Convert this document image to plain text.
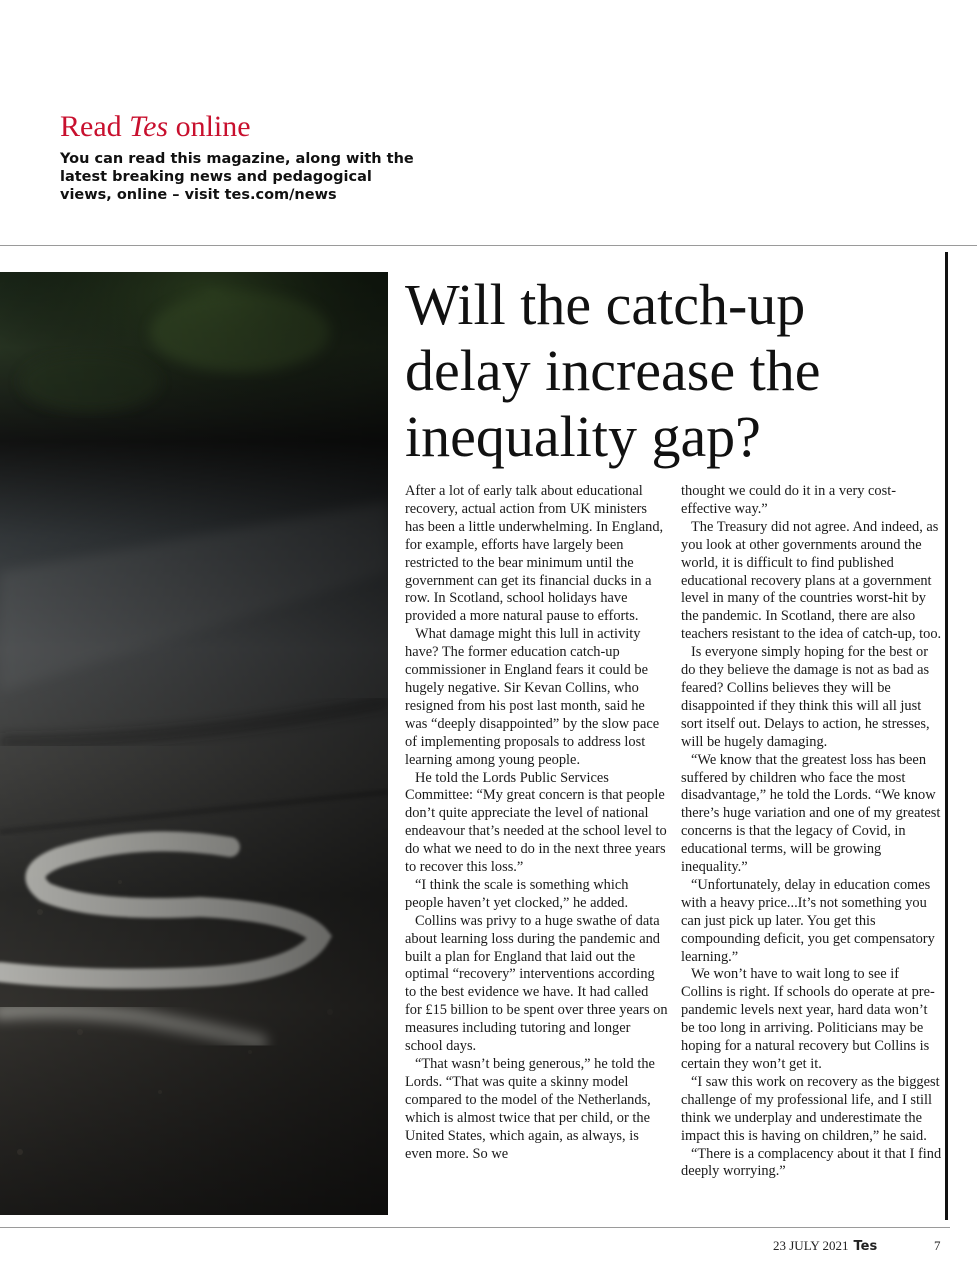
Read Tes online
You can read this magazine, along with the latest breaking news and pedagogical views, online – visit tes.com/news
Will the catch-up delay increase the inequality gap?

After a lot of early talk about educational recovery, actual action from UK ministers has been a little underwhelming. In England, for example, efforts have largely been restricted to the bear minimum until the government can get its financial ducks in a row. In Scotland, school holidays have provided a more natural pause to efforts.

What damage might this lull in activity have? The former education catch-up commissioner in England fears it could be hugely negative. Sir Kevan Collins, who resigned from his post last month, said he was “deeply disappointed” by the slow pace of implementing proposals to address lost learning among young people.

He told the Lords Public Services Committee: “My great concern is that people don’t quite appreciate the level of national endeavour that’s needed at the school level to do what we need to do in the next three years to recover this loss.”

“I think the scale is something which people haven’t yet clocked,” he added.

Collins was privy to a huge swathe of data about learning loss during the pandemic and built a plan for England that laid out the optimal “recovery” interventions according to the best evidence we have. It had called for £15 billion to be spent over three years on measures including tutoring and longer school days.

“That wasn’t being generous,” he told the Lords. “That was quite a skinny model compared to the model of the Netherlands, which is almost twice that per child, or the United States, which again, as always, is even more. So we

thought we could do it in a very cost-effective way.”

The Treasury did not agree. And indeed, as you look at other governments around the world, it is difficult to find published educational recovery plans at a government level in many of the countries worst-hit by the pandemic. In Scotland, there are also teachers resistant to the idea of catch-up, too.

Is everyone simply hoping for the best or do they believe the damage is not as bad as feared? Collins believes they will be disappointed if they think this will all just sort itself out. Delays to action, he stresses, will be hugely damaging.

“We know that the greatest loss has been suffered by children who face the most disadvantage,” he told the Lords. “We know there’s huge variation and one of my greatest concerns is that the legacy of Covid, in educational terms, will be growing inequality.”

“Unfortunately, delay in education comes with a heavy price...It’s not something you can just pick up later. You get this compounding deficit, you get compensatory learning.”

We won’t have to wait long to see if Collins is right. If schools do operate at pre-pandemic levels next year, hard data won’t be too long in arriving. Politicians may be hoping for a natural recovery but Collins is certain they won’t get it.

“I saw this work on recovery as the biggest challenge of my professional life, and I still think we underplay and underestimate the impact this is having on children,” he said.

“There is a complacency about it that I find deeply worrying.”

23 JULY 2021 Tes	7
